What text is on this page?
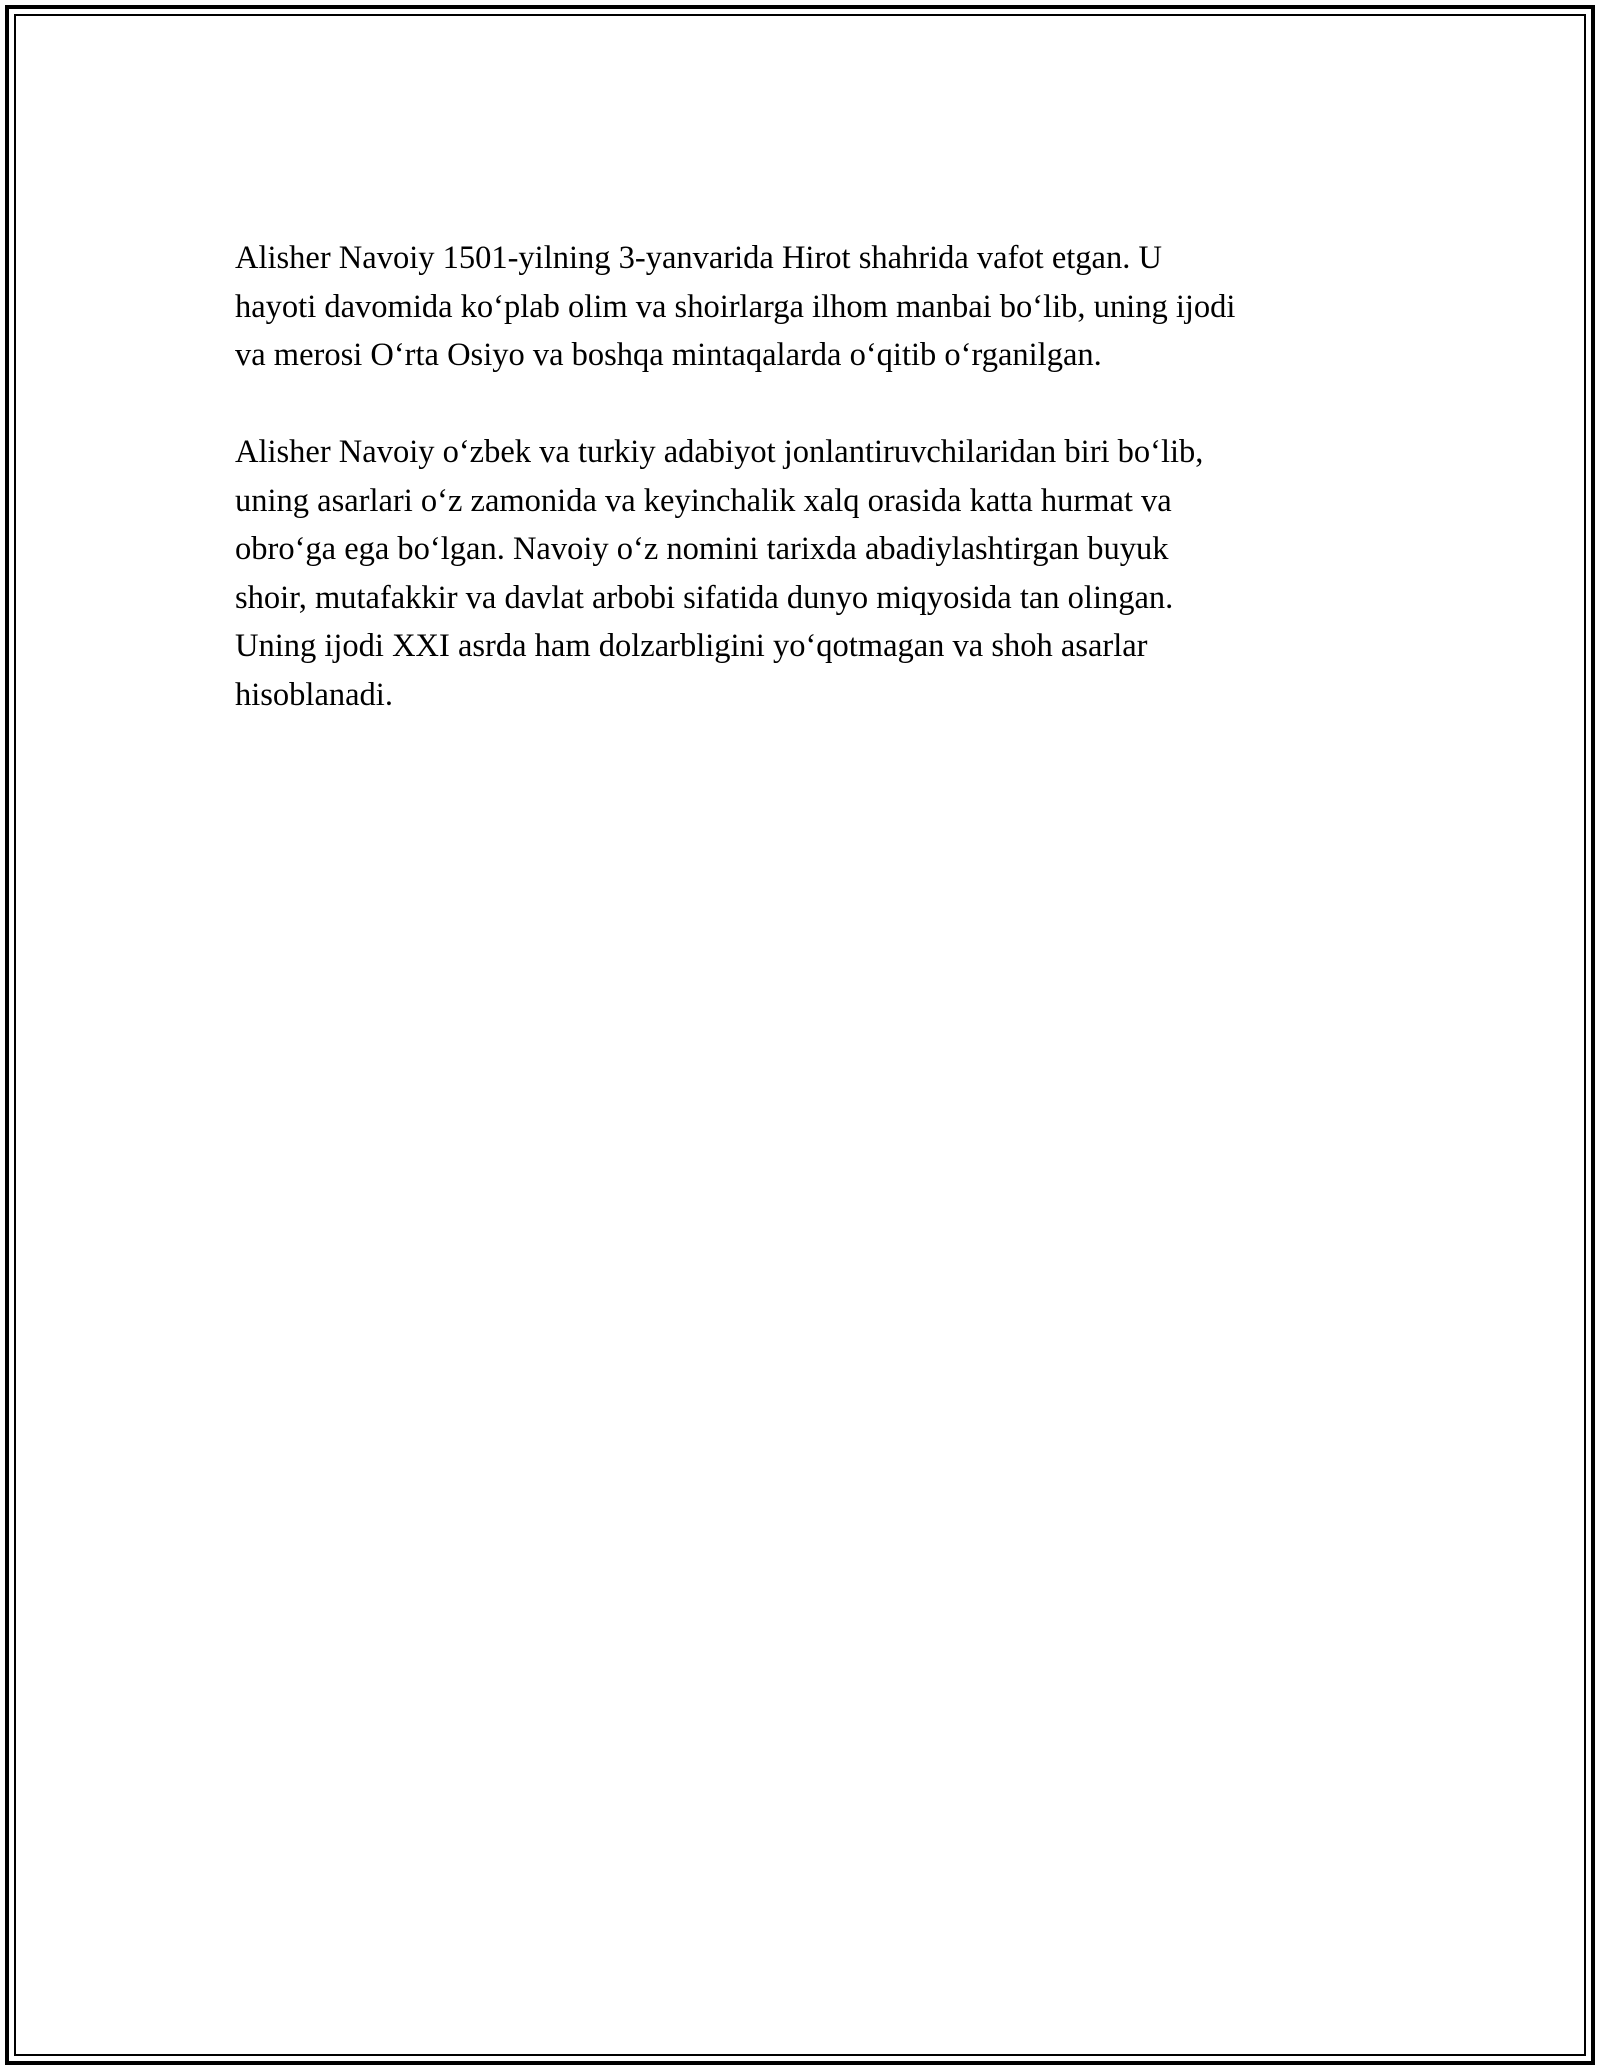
Alisher Navoiy 1501-yilning 3-yanvarida Hirot shahrida vafot etgan. U
hayoti davomida ko‘plab olim va shoirlarga ilhom manbai bo‘lib, uning ijodi
va merosi O‘rta Osiyo va boshqa mintaqalarda o‘qitib o‘rganilgan.

Alisher Navoiy o‘zbek va turkiy adabiyot jonlantiruvchilaridan biri bo‘lib,
uning asarlari o‘z zamonida va keyinchalik xalq orasida katta hurmat va
obro‘ga ega bo‘lgan. Navoiy o‘z nomini tarixda abadiylashtirgan buyuk
shoir, mutafakkir va davlat arbobi sifatida dunyo miqyosida tan olingan.
Uning ijodi XXI asrda ham dolzarbligini yo‘qotmagan va shoh asarlar
hisoblanadi.
